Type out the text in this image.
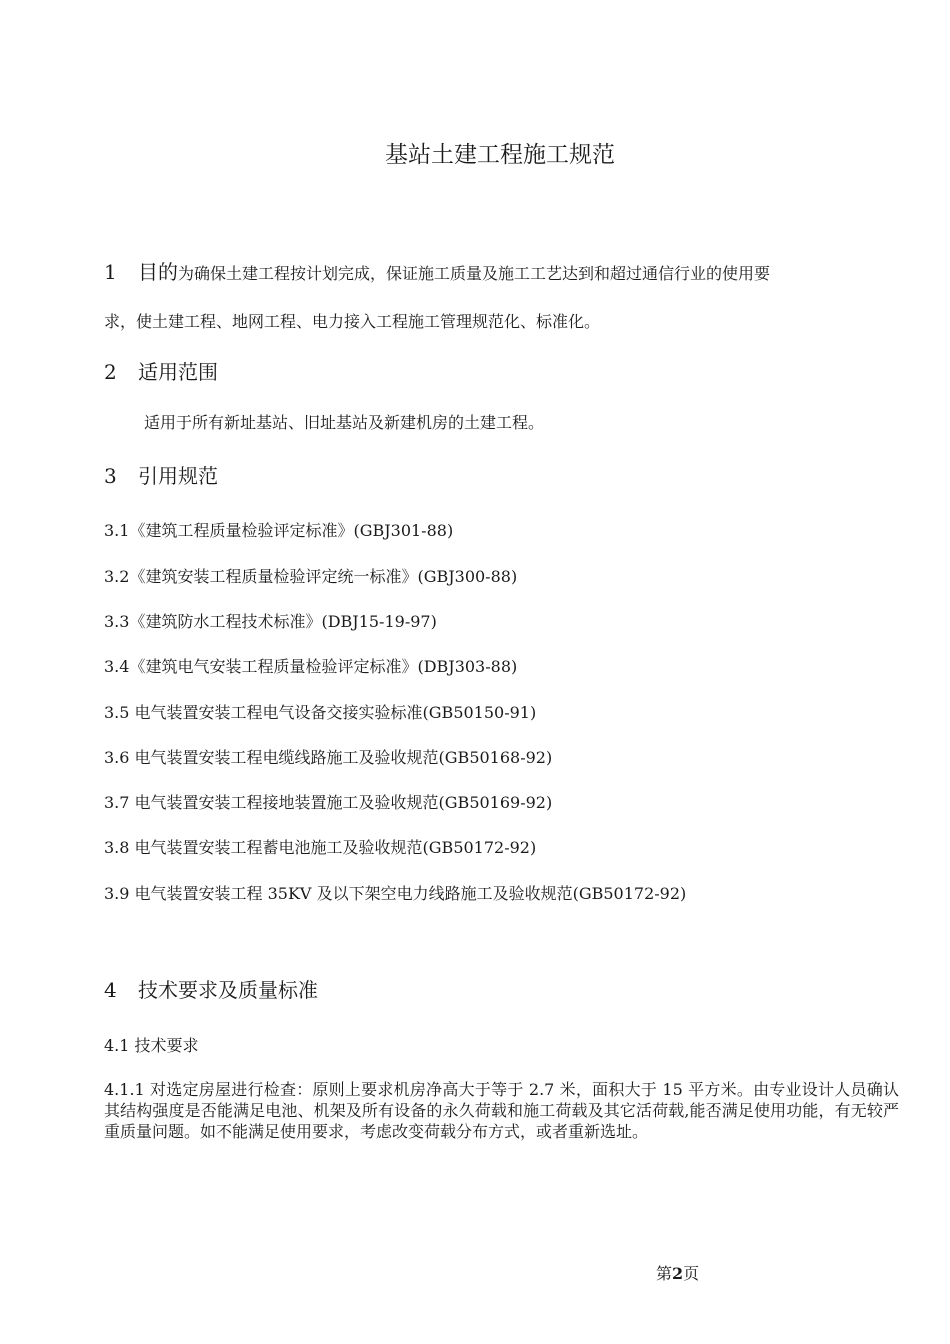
基站土建工程施工规范
1 目的为确保土建工程按计划完成，保证施工质量及施工工艺达到和超过通信行业的使用要
求，使土建工程、地网工程、电力接入工程施工管理规范化、标准化。
2 适用范围
适用于所有新址基站、旧址基站及新建机房的土建工程。
3 引用规范
3.1《建筑工程质量检验评定标准》(GBJ301-88)
3.2《建筑安装工程质量检验评定统一标准》(GBJ300-88)
3.3《建筑防水工程技术标准》(DBJ15-19-97)
3.4《建筑电气安装工程质量检验评定标准》(DBJ303-88)
3.5 电气装置安装工程电气设备交接实验标准(GB50150-91)
3.6 电气装置安装工程电缆线路施工及验收规范(GB50168-92)
3.7 电气装置安装工程接地装置施工及验收规范(GB50169-92)
3.8 电气装置安装工程蓄电池施工及验收规范(GB50172-92)
3.9 电气装置安装工程 35KV 及以下架空电力线路施工及验收规范(GB50172-92)
4 技术要求及质量标准
4.1 技术要求
4.1.1 对选定房屋进行检查：原则上要求机房净高大于等于 2.7 米，面积大于 15 平方米。由专业设计人员确认其结构强度是否能满足电池、机架及所有设备的永久荷载和施工荷载及其它活荷载,能否满足使用功能，有无较严重质量问题。如不能满足使用要求，考虑改变荷载分布方式，或者重新选址。
第2页
